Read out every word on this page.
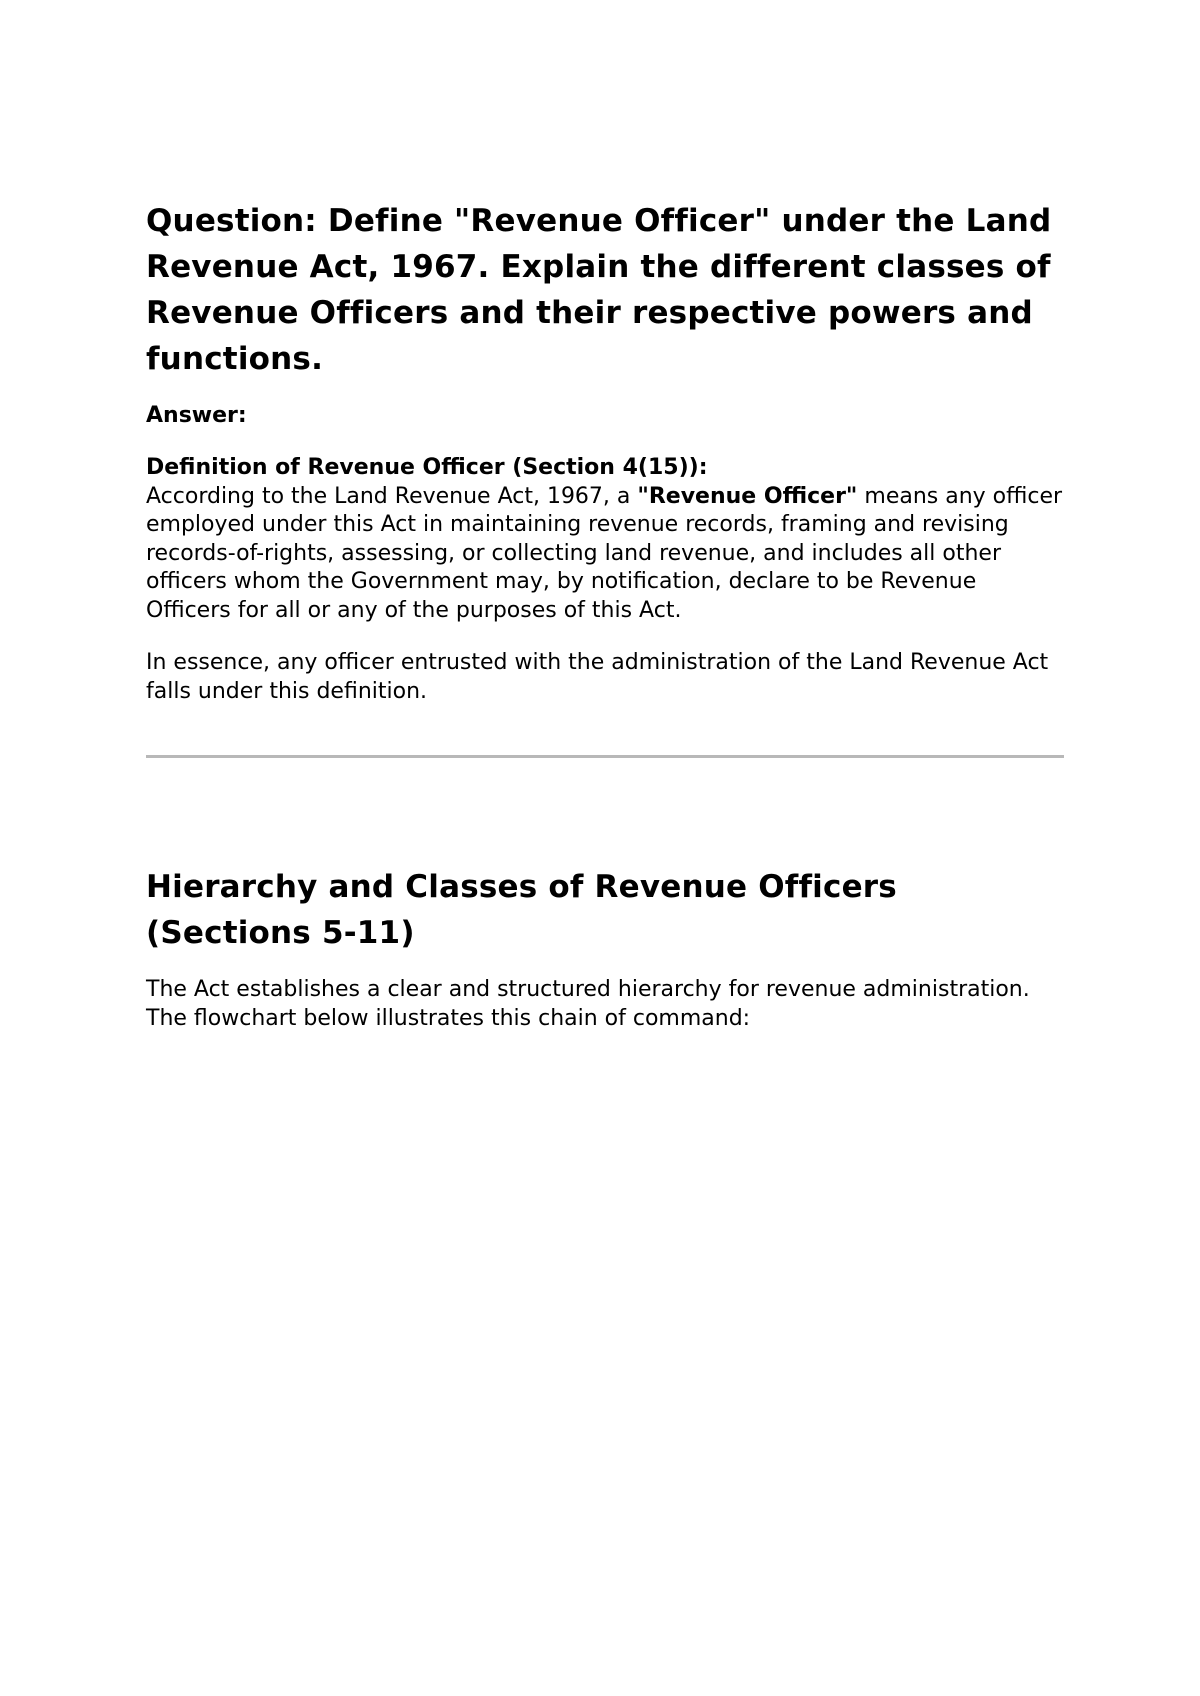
Question: Define "Revenue Officer" under the Land Revenue Act, 1967. Explain the different classes of Revenue Officers and their respective powers and functions.

Answer:

Definition of Revenue Officer (Section 4(15)):
According to the Land Revenue Act, 1967, a "Revenue Officer" means any officer employed under this Act in maintaining revenue records, framing and revising records-of-rights, assessing, or collecting land revenue, and includes all other officers whom the Government may, by notification, declare to be Revenue Officers for all or any of the purposes of this Act.

In essence, any officer entrusted with the administration of the Land Revenue Act falls under this definition.

Hierarchy and Classes of Revenue Officers (Sections 5-11)

The Act establishes a clear and structured hierarchy for revenue administration. The flowchart below illustrates this chain of command:
